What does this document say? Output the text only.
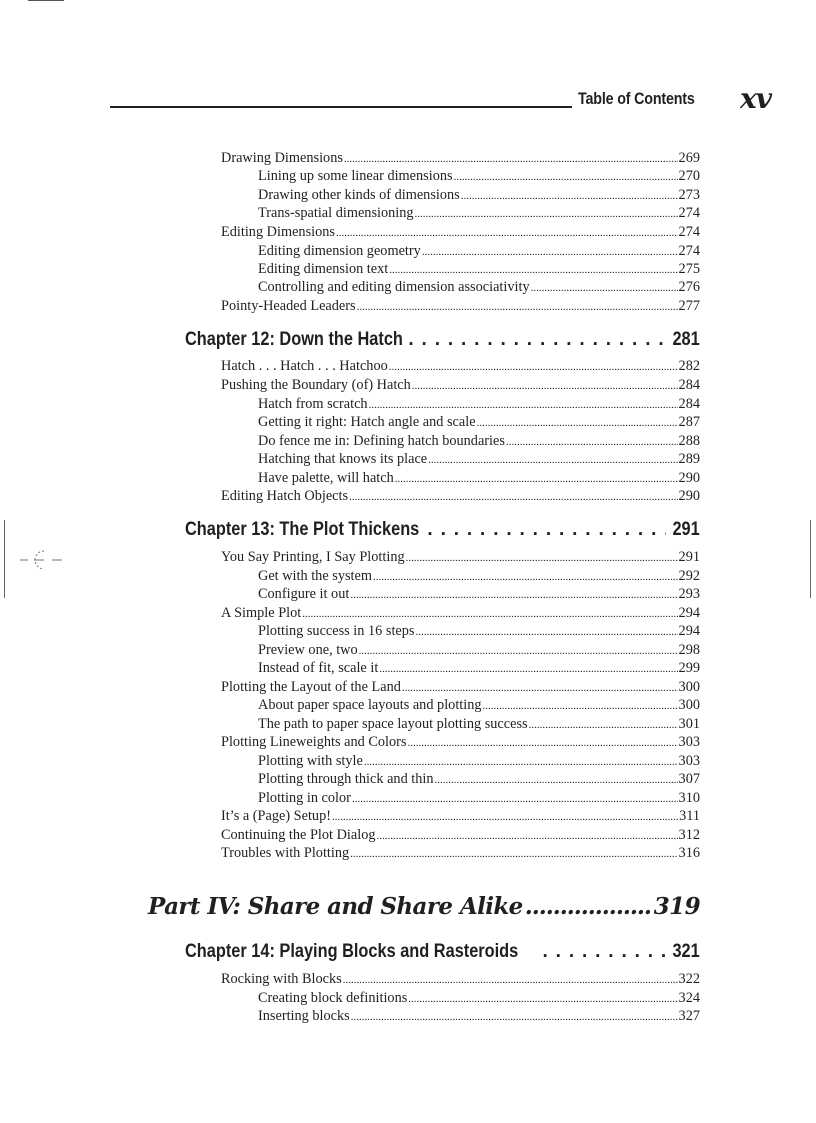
Table of Contents xv
Drawing Dimensions .....	269
Lining up some linear dimensions .....	270
Drawing other kinds of dimensions .....	273
Trans-spatial dimensioning .....	274
Editing Dimensions .....	274
Editing dimension geometry .....	274
Editing dimension text .....	275
Controlling and editing dimension associativity .....	276
Pointy-Headed Leaders .....	277
Chapter 12: Down the Hatch . . .	281
Hatch . . . Hatch . . . Hatchoo .....	282
Pushing the Boundary (of) Hatch .....	284
Hatch from scratch .....	284
Getting it right: Hatch angle and scale .....	287
Do fence me in: Defining hatch boundaries .....	288
Hatching that knows its place .....	289
Have palette, will hatch .....	290
Editing Hatch Objects .....	290
Chapter 13: The Plot Thickens . . .	291
You Say Printing, I Say Plotting .....	291
Get with the system .....	292
Configure it out .....	293
A Simple Plot .....	294
Plotting success in 16 steps .....	294
Preview one, two .....	298
Instead of fit, scale it .....	299
Plotting the Layout of the Land .....	300
About paper space layouts and plotting .....	300
The path to paper space layout plotting success .....	301
Plotting Lineweights and Colors .....	303
Plotting with style .....	303
Plotting through thick and thin .....	307
Plotting in color .....	310
It’s a (Page) Setup! .....	311
Continuing the Plot Dialog .....	312
Troubles with Plotting .....	316
Part IV: Share and Share Alike .....	319
Chapter 14: Playing Blocks and Rasteroids . . .	321
Rocking with Blocks .....	322
Creating block definitions .....	324
Inserting blocks .....	327
